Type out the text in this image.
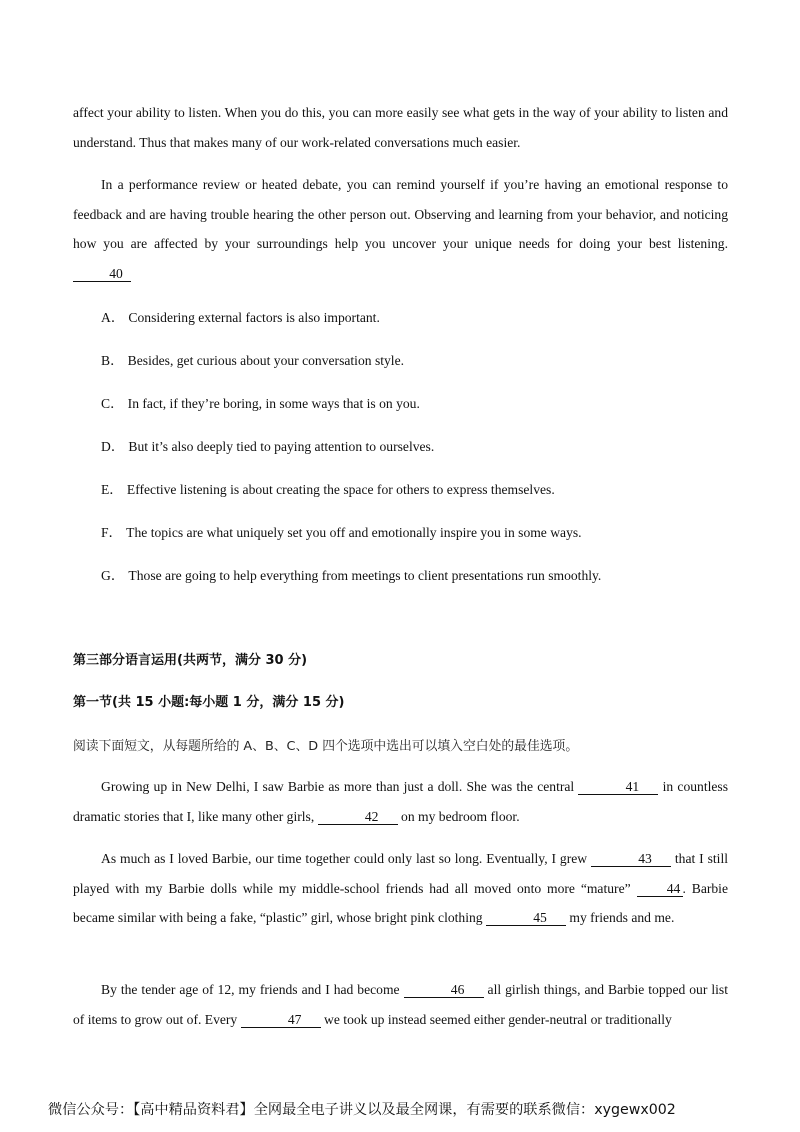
affect your ability to listen. When you do this, you can more easily see what gets in the way of your ability to listen and understand. Thus that makes many of our work-related conversations much easier.

In a performance review or heated debate, you can remind yourself if you’re having an emotional response to feedback and are having trouble hearing the other person out. Observing and learning from your behavior, and noticing how you are affected by your surroundings help you uncover your unique needs for doing your best listening. 40

A． Considering external factors is also important.

B． Besides, get curious about your conversation style.

C． In fact, if they’re boring, in some ways that is on you.

D． But it’s also deeply tied to paying attention to ourselves.

E． Effective listening is about creating the space for others to express themselves.

F． The topics are what uniquely set you off and emotionally inspire you in some ways.

G． Those are going to help everything from meetings to client presentations run smoothly.

第三部分语言运用(共两节，满分 30 分)

第一节(共 15 小题:每小题 1 分，满分 15 分)

阅读下面短文，从每题所给的 A、B、C、D 四个选项中选出可以填入空白处的最佳选项。

Growing up in New Delhi, I saw Barbie as more than just a doll. She was the central	41 in countless dramatic stories that I, like many other girls,	42 on my bedroom floor.

As much as I loved Barbie, our time together could only last so long. Eventually, I grew	43 that I still played with my Barbie dolls while my middle-school friends had all moved onto more “mature”	44 . Barbie became similar with being a fake, “plastic” girl, whose bright pink clothing	45 my friends and me.

By the tender age of 12, my friends and I had become	46 all girlish things, and Barbie topped our list of items to grow out of. Every	47 we took up instead seemed either gender-neutral or traditionally

微信公众号：【高中精品资料君】全网最全电子讲义以及最全网课，有需要的联系微信：xygewx002
